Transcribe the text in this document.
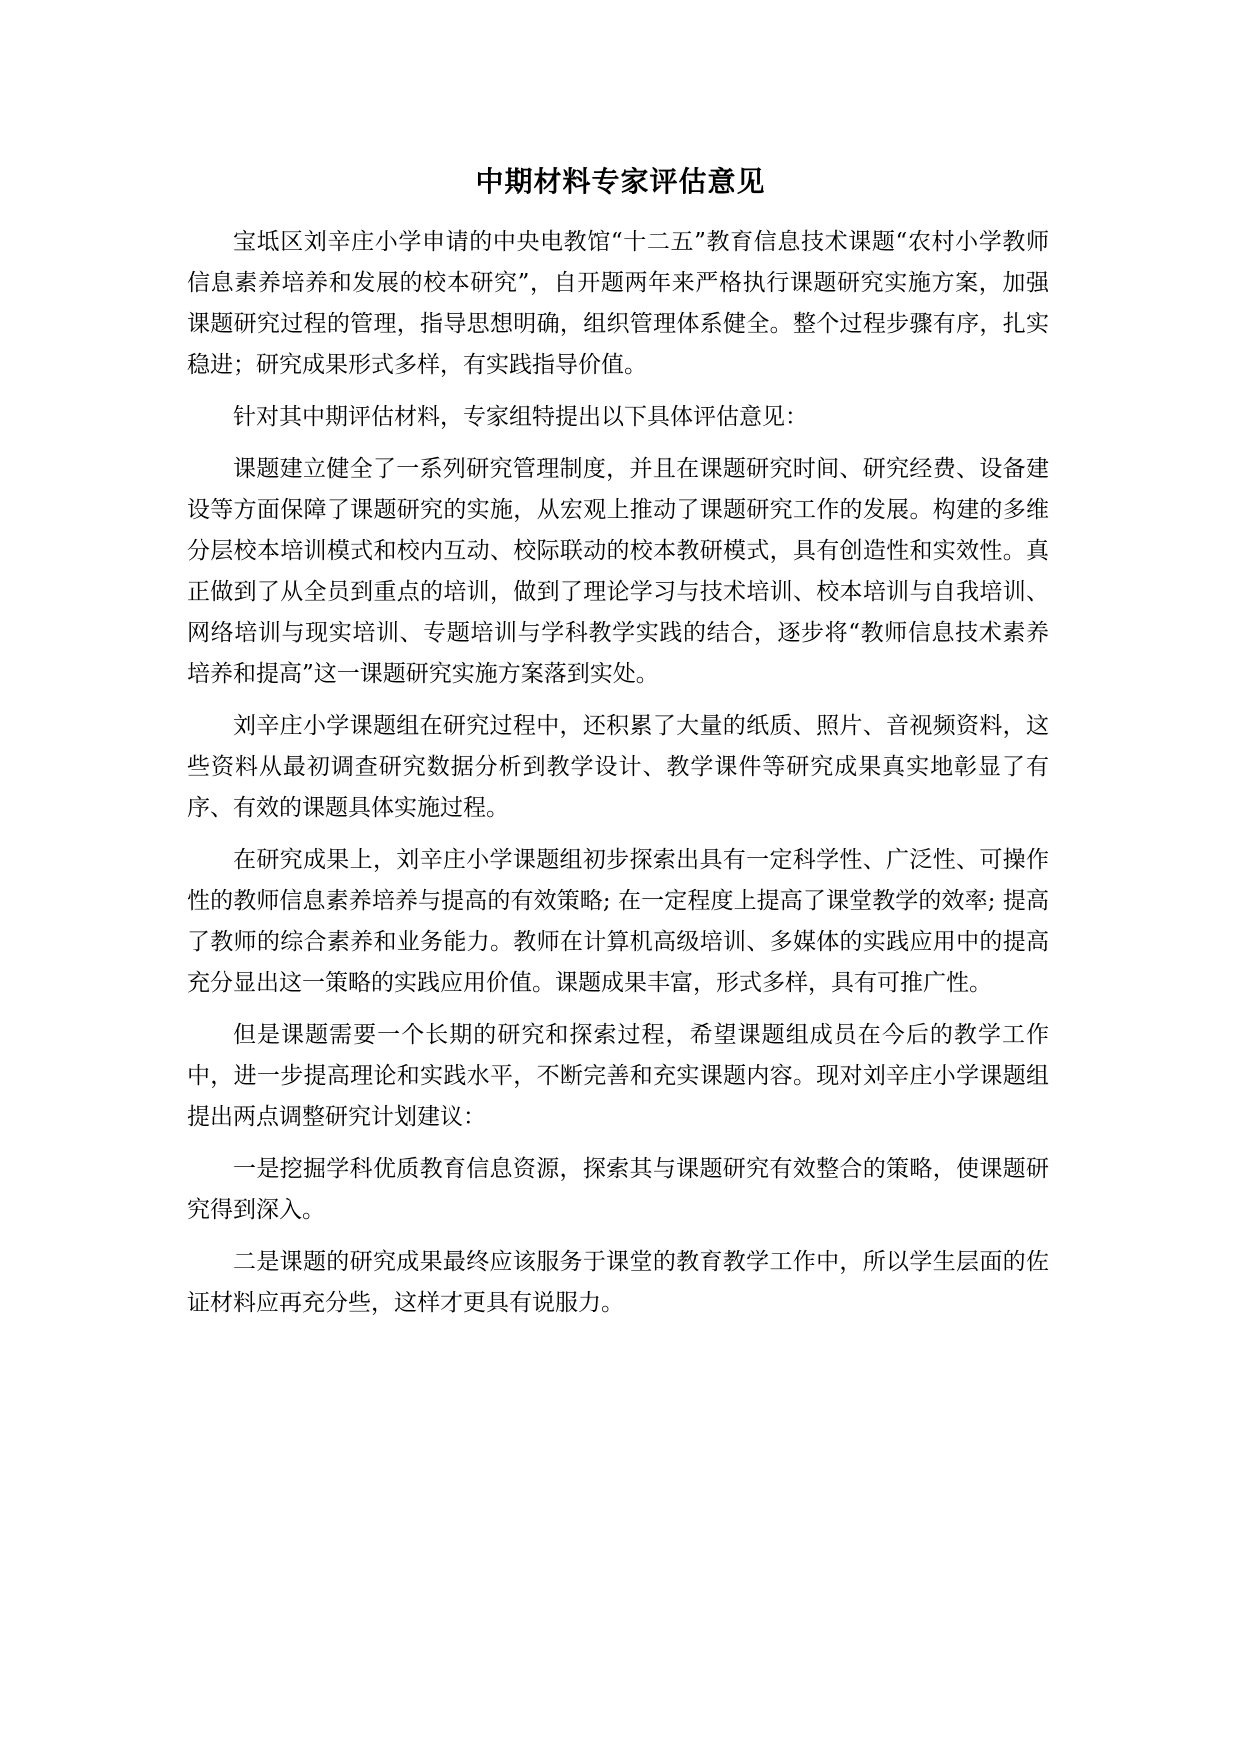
中期材料专家评估意见

宝坻区刘辛庄小学申请的中央电教馆“十二五”教育信息技术课题“农村小学教师信息素养培养和发展的校本研究”，自开题两年来严格执行课题研究实施方案，加强课题研究过程的管理，指导思想明确，组织管理体系健全。整个过程步骤有序，扎实稳进；研究成果形式多样，有实践指导价值。

针对其中期评估材料，专家组特提出以下具体评估意见：

课题建立健全了一系列研究管理制度，并且在课题研究时间、研究经费、设备建设等方面保障了课题研究的实施，从宏观上推动了课题研究工作的发展。构建的多维分层校本培训模式和校内互动、校际联动的校本教研模式，具有创造性和实效性。真正做到了从全员到重点的培训，做到了理论学习与技术培训、校本培训与自我培训、网络培训与现实培训、专题培训与学科教学实践的结合，逐步将“教师信息技术素养培养和提高”这一课题研究实施方案落到实处。

刘辛庄小学课题组在研究过程中，还积累了大量的纸质、照片、音视频资料，这些资料从最初调查研究数据分析到教学设计、教学课件等研究成果真实地彰显了有序、有效的课题具体实施过程。

在研究成果上，刘辛庄小学课题组初步探索出具有一定科学性、广泛性、可操作性的教师信息素养培养与提高的有效策略; 在一定程度上提高了课堂教学的效率; 提高了教师的综合素养和业务能力。教师在计算机高级培训、多媒体的实践应用中的提高充分显出这一策略的实践应用价值。课题成果丰富，形式多样，具有可推广性。

但是课题需要一个长期的研究和探索过程，希望课题组成员在今后的教学工作中，进一步提高理论和实践水平，不断完善和充实课题内容。现对刘辛庄小学课题组提出两点调整研究计划建议：

一是挖掘学科优质教育信息资源，探索其与课题研究有效整合的策略，使课题研究得到深入。

二是课题的研究成果最终应该服务于课堂的教育教学工作中，所以学生层面的佐证材料应再充分些，这样才更具有说服力。
